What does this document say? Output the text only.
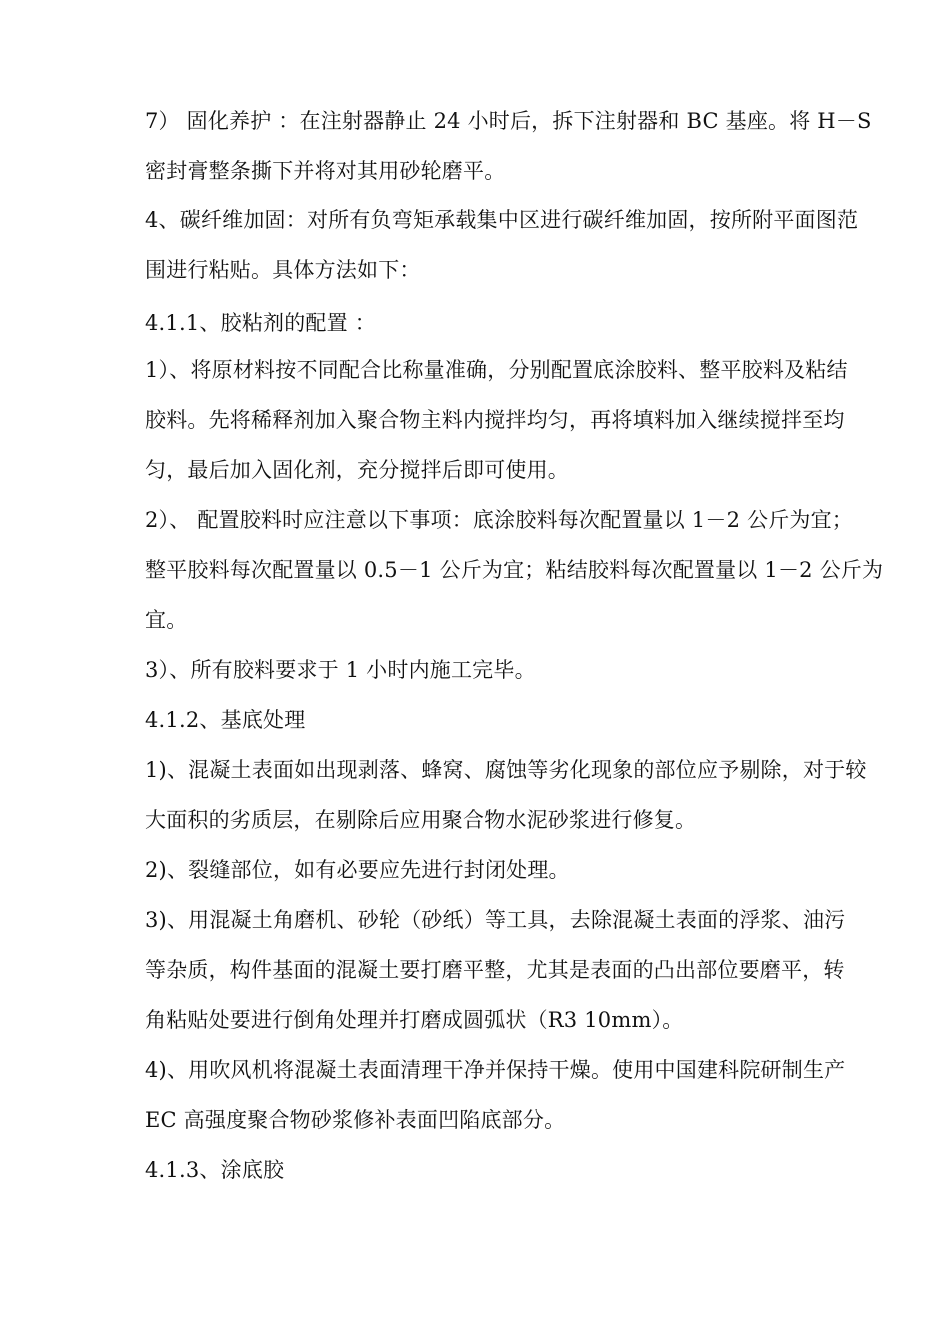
7） 固化养护 ：在注射器静止 24 小时后，拆下注射器和 BC 基座。将 H－S
密封膏整条撕下并将对其用砂轮磨平。
4、碳纤维加固：对所有负弯矩承载集中区进行碳纤维加固，按所附平面图范
围进行粘贴。具体方法如下：
4.1.1、胶粘剂的配置 ：
1）、将原材料按不同配合比称量准确，分别配置底涂胶料、整平胶料及粘结
胶料。先将稀释剂加入聚合物主料内搅拌均匀，再将填料加入继续搅拌至均
匀，最后加入固化剂，充分搅拌后即可使用。
2）、 配置胶料时应注意以下事项：底涂胶料每次配置量以 1－2 公斤为宜；
整平胶料每次配置量以 0.5－1 公斤为宜；粘结胶料每次配置量以 1－2 公斤为
宜。
3）、所有胶料要求于 1 小时内施工完毕。
4.1.2、基底处理
1)、混凝土表面如出现剥落、蜂窝、腐蚀等劣化现象的部位应予剔除，对于较
大面积的劣质层，在剔除后应用聚合物水泥砂浆进行修复。
2)、裂缝部位，如有必要应先进行封闭处理。
3)、用混凝土角磨机、砂轮（砂纸）等工具，去除混凝土表面的浮浆、油污
等杂质，构件基面的混凝土要打磨平整，尤其是表面的凸出部位要磨平，转
角粘贴处要进行倒角处理并打磨成圆弧状（R3 10mm）。
4)、用吹风机将混凝土表面清理干净并保持干燥。使用中国建科院研制生产
EC 高强度聚合物砂浆修补表面凹陷底部分。
4.1.3、涂底胶
